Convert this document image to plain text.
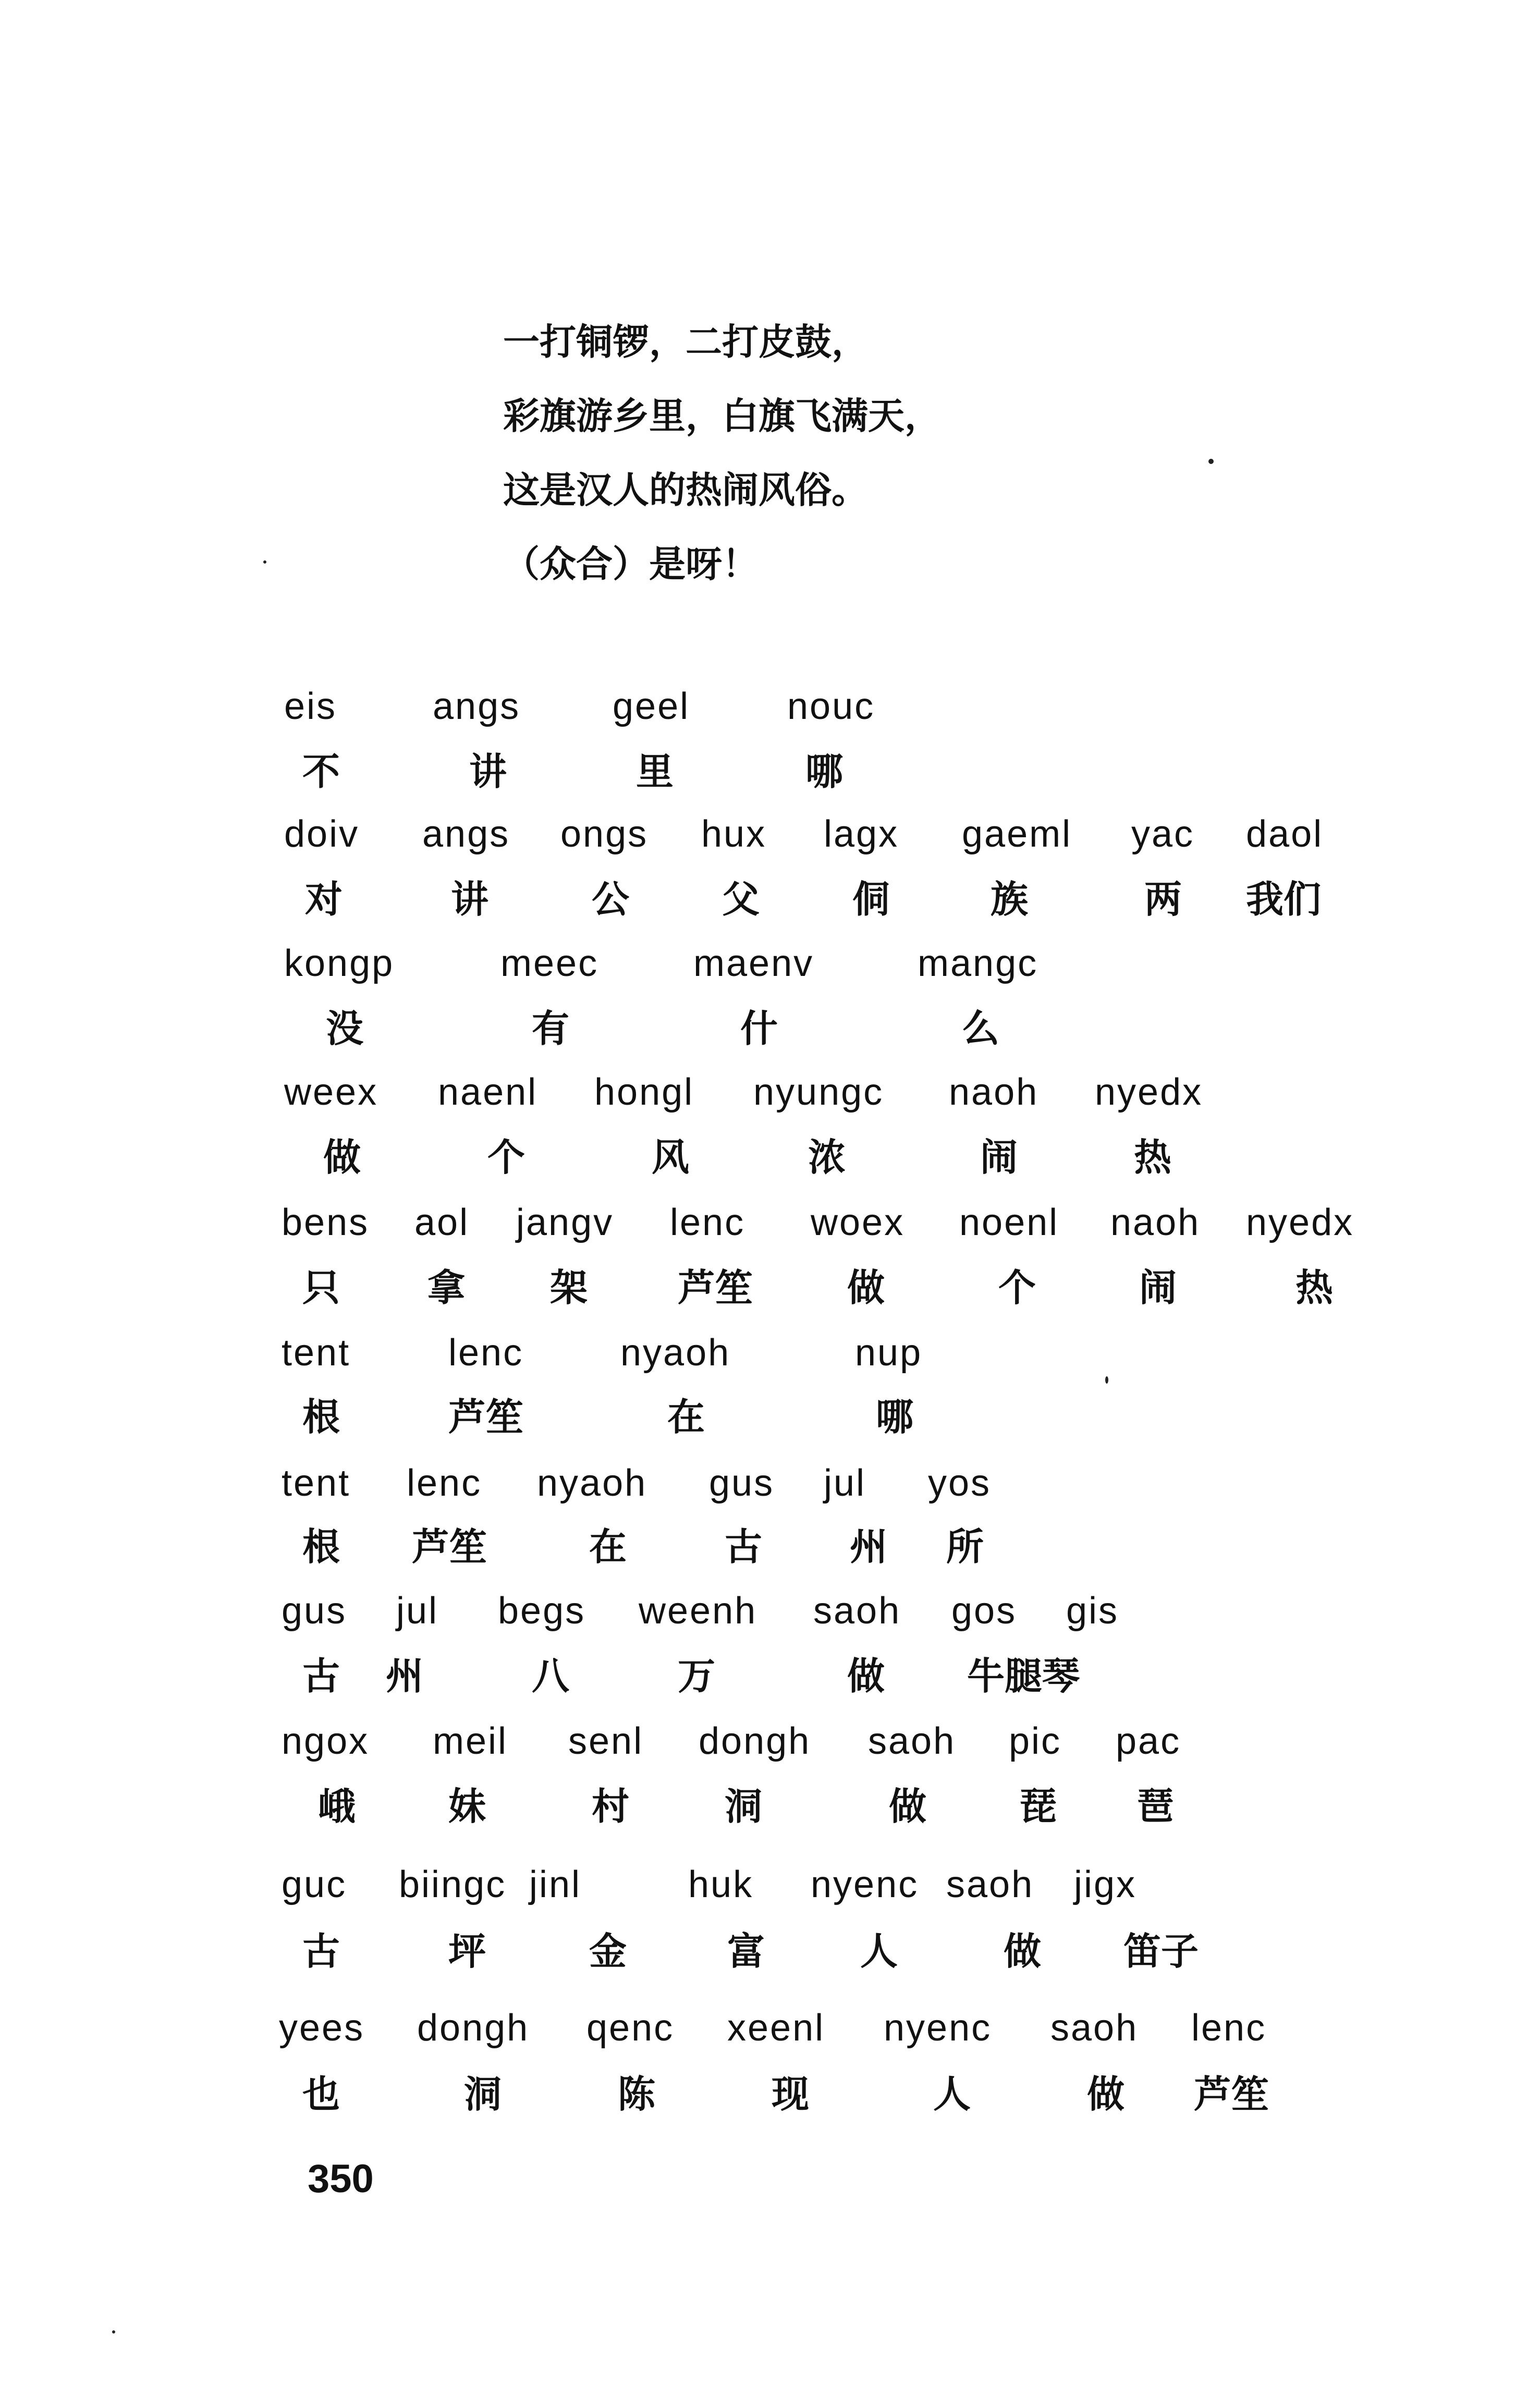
一打铜锣，二打皮鼓，
彩旗游乡里，白旗飞满天，
这是汉人的热闹风俗。
（众合）是呀！
eis	angs geel	nouc
不	讲	里	哪
doiv angs ongs hux lagx gaeml yac daol
对	讲	公 父 侗	族	两 我们
kongp	meec	maenv	mangc
没	有	什	么
weex naenl hongl nyungc naoh nyedx
做	个	风	浓	闹	热
bens aol jangv lenc woex noenl naoh nyedx
只 拿 架 芦笙	做	个	闹	热
tent	lenc	nyaoh	nup
根	芦笙	在	哪
tent lenc nyaoh gus jul yos
根 芦笙	在	古 州 所
gus jul begs weenh saoh gos gis
古 州	八	万	做 牛腿琴
ngox meil senl dongh saoh pic pac
峨 妹	村	洞	做 琵 琶
guc biingc jinl	huk nyenc saoh jigx
古	坪	金	富	人	做 笛子
yees dongh qenc xeenl nyenc saoh lenc
也	洞	陈	现	人	做 芦笙
350
